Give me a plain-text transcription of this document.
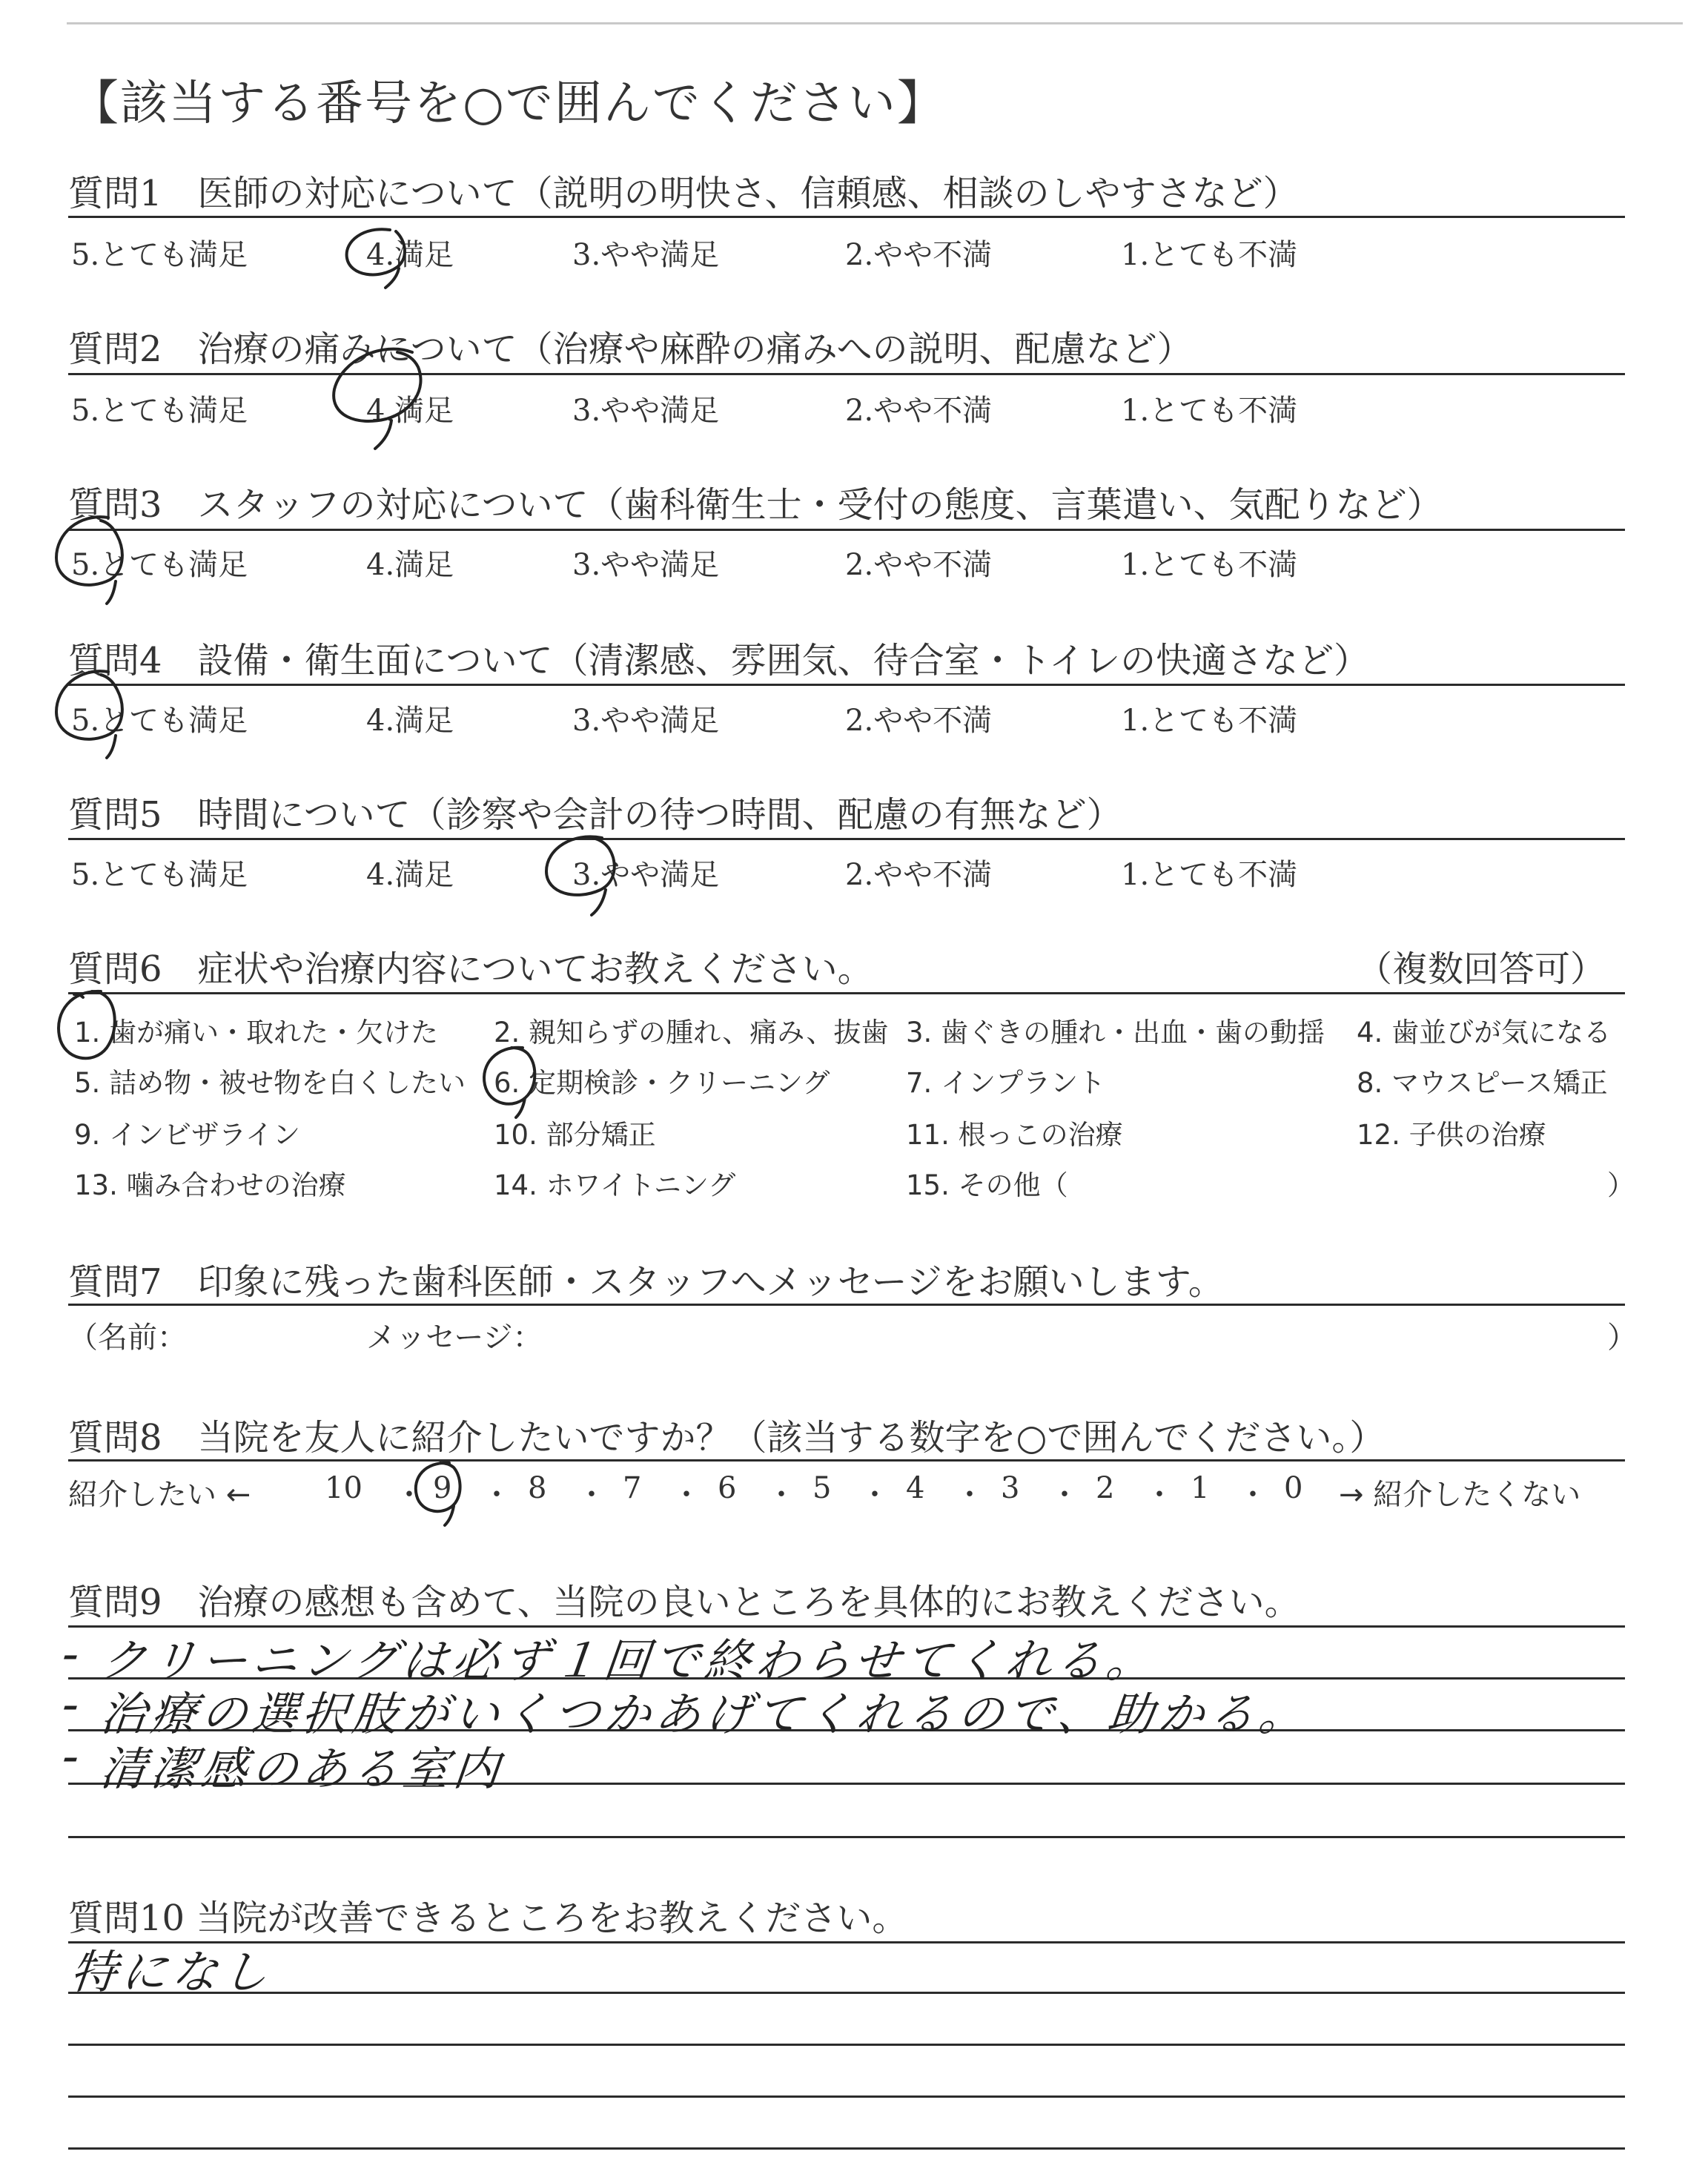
【該当する番号を○で囲んでください】
質問1　医師の対応について（説明の明快さ、信頼感、相談のしやすさなど）
5.とても満足	4.満足	3.やや満足	2.やや不満	1.とても不満
質問2　治療の痛みについて（治療や麻酔の痛みへの説明、配慮など）
5.とても満足	4.満足	3.やや満足	2.やや不満	1.とても不満
質問3　スタッフの対応について（歯科衛生士・受付の態度、言葉遣い、気配りなど）
5.とても満足	4.満足	3.やや満足	2.やや不満	1.とても不満
質問4　設備・衛生面について（清潔感、雰囲気、待合室・トイレの快適さなど）
5.とても満足	4.満足	3.やや満足	2.やや不満	1.とても不満
質問5　時間について（診察や会計の待つ時間、配慮の有無など）
5.とても満足	4.満足	3.やや満足	2.やや不満	1.とても不満
質問6　症状や治療内容についてお教えください。	（複数回答可）
1. 歯が痛い・取れた・欠けた 2. 親知らずの腫れ、痛み、抜歯 3. 歯ぐきの腫れ・出血・歯の動揺 4. 歯並びが気になる
5. 詰め物・被せ物を白くしたい 6. 定期検診・クリーニング	7. インプラント	8. マウスピース矯正
9. インビザライン	10. 部分矯正	11. 根っこの治療	12. 子供の治療
13. 噛み合わせの治療	14. ホワイトニング	15. その他（	）
質問7　印象に残った歯科医師・スタッフへメッセージをお願いします。
（名前：	メッセージ：	）
質問8　当院を友人に紹介したいですか？（該当する数字を○で囲んでください。）
紹介したい ← 10 9	8	7	6	5	4	3	2	1	0
・ ・ ・ ・ ・ ・ ・ ・ ・ ・ → 紹介したくない
質問9　治療の感想も含めて、当院の良いところを具体的にお教えください。
-
-
-
クリーニングは必ず１回で終わらせてくれる。
治療の選択肢がいくつかあげてくれるので、助かる。
清潔感のある室内
質問10 当院が改善できるところをお教えください。
特になし
